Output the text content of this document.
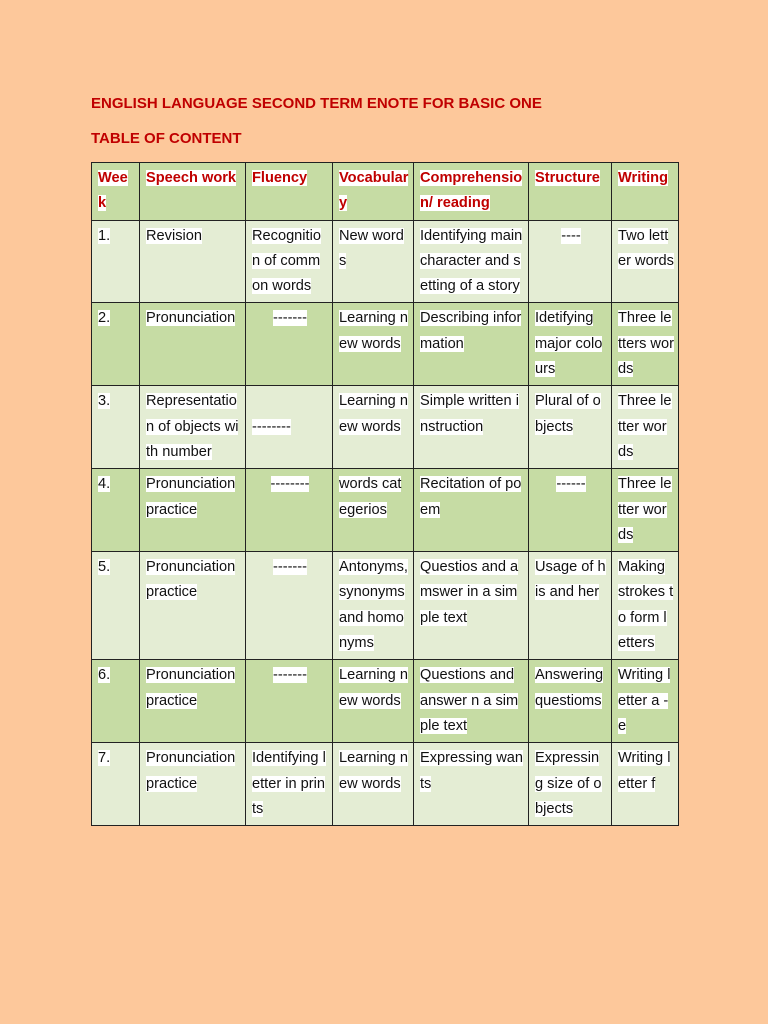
ENGLISH LANGUAGE SECOND TERM ENOTE FOR BASIC ONE
TABLE OF CONTENT
Week	Speech work	Fluency	Vocabulary	Comprehension/ reading	Structure	Writing
1.	Revision	Recognition of common words	New words	Identifying main character and setting of a story	----	Two letter words
2.	Pronunciation	-------	Learning new words	Describing information	Idetifying major colours	Three letters words
3.	Representation of objects with number	--------	Learning new words	Simple written instruction	Plural of objects	Three letter words
4.	Pronunciation practice	--------	words categerios	Recitation of poem	------	Three letter words
5.	Pronunciation practice	-------	Antonyms, synonyms and homonyms	Questios and amswer in a simple text	Usage of his and her	Making strokes to form letters
6.	Pronunciation practice	-------	Learning new words	Questions and answer n a simple text	Answering questioms	Writing letter a - e
7.	Pronunciation practice	Identifying letter in prints	Learning new words	Expressing wants	Expressing size of objects	Writing letter f
